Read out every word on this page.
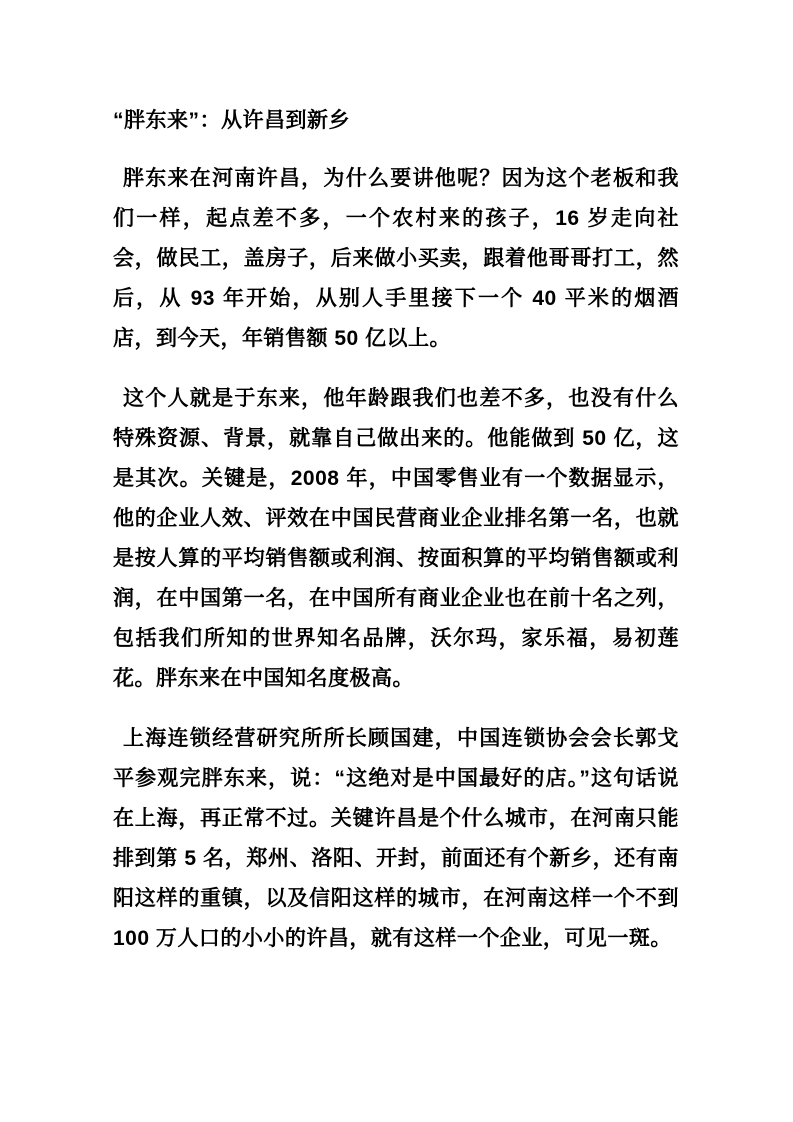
“胖东来”：从许昌到新乡

胖东来在河南许昌，为什么要讲他呢？因为这个老板和我们一样，起点差不多，一个农村来的孩子，16 岁走向社会，做民工，盖房子，后来做小买卖，跟着他哥哥打工，然后，从 93 年开始，从别人手里接下一个 40 平米的烟酒店，到今天，年销售额 50 亿以上。

这个人就是于东来，他年龄跟我们也差不多，也没有什么特殊资源、背景，就靠自己做出来的。他能做到 50 亿，这是其次。关键是，2008 年，中国零售业有一个数据显示，他的企业人效、评效在中国民营商业企业排名第一名，也就是按人算的平均销售额或利润、按面积算的平均销售额或利润，在中国第一名，在中国所有商业企业也在前十名之列，包括我们所知的世界知名品牌，沃尔玛，家乐福，易初莲花。胖东来在中国知名度极高。

上海连锁经营研究所所长顾国建，中国连锁协会会长郭戈平参观完胖东来，说：“这绝对是中国最好的店。”这句话说在上海，再正常不过。关键许昌是个什么城市，在河南只能排到第 5 名，郑州、洛阳、开封，前面还有个新乡，还有南阳这样的重镇，以及信阳这样的城市，在河南这样一个不到 100 万人口的小小的许昌，就有这样一个企业，可见一斑。
